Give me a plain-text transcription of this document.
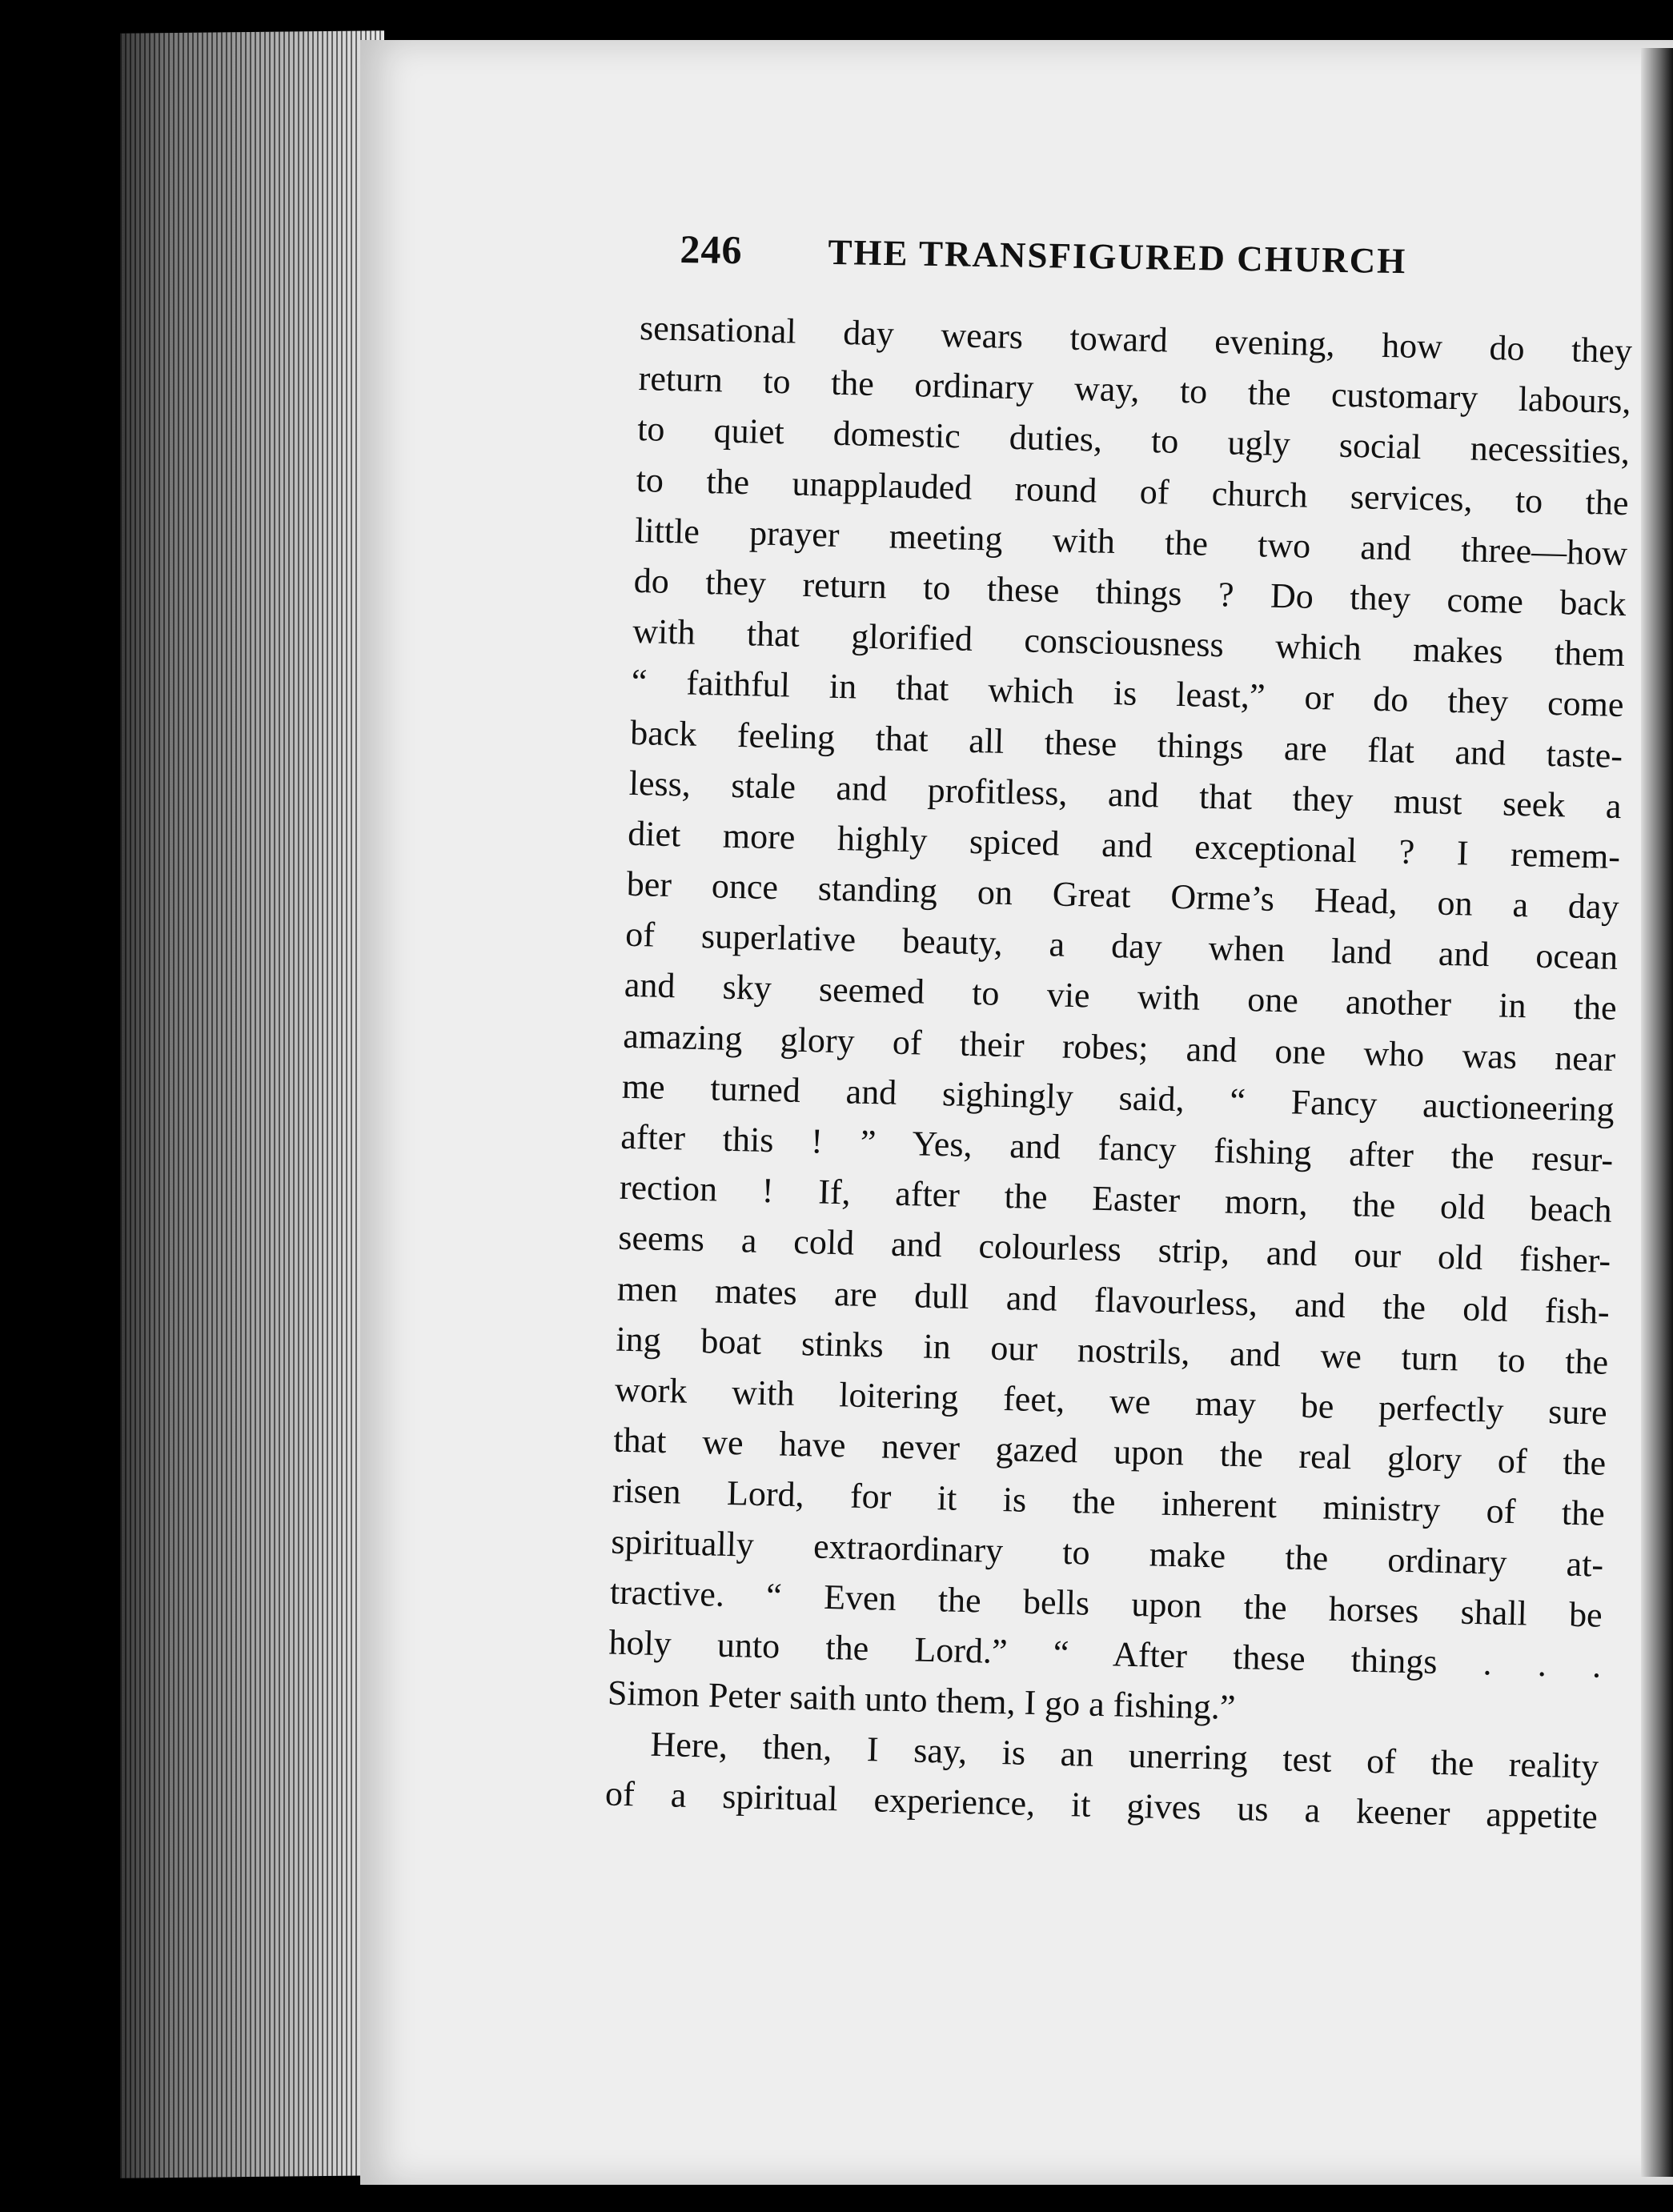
246 THE TRANSFIGURED CHURCH
sensational day wears toward evening, how do they
return to the ordinary way, to the customary labours,
to quiet domestic duties, to ugly social necessities,
to the unapplauded round of church services, to the
little prayer meeting with the two and three—how
do they return to these things ? Do they come back
with that glorified consciousness which makes them
“ faithful in that which is least,” or do they come
back feeling that all these things are flat and taste-
less, stale and profitless, and that they must seek a
diet more highly spiced and exceptional ? I remem-
ber once standing on Great Orme’s Head, on a day
of superlative beauty, a day when land and ocean
and sky seemed to vie with one another in the
amazing glory of their robes; and one who was near
me turned and sighingly said, “ Fancy auctioneering
after this ! ” Yes, and fancy fishing after the resur-
rection ! If, after the Easter morn, the old beach
seems a cold and colourless strip, and our old fisher-
men mates are dull and flavourless, and the old fish-
ing boat stinks in our nostrils, and we turn to the
work with loitering feet, we may be perfectly sure
that we have never gazed upon the real glory of the
risen Lord, for it is the inherent ministry of the
spiritually extraordinary to make the ordinary at-
tractive. “ Even the bells upon the horses shall be
holy unto the Lord.” “ After these things . . .
Simon Peter saith unto them, I go a fishing.”
Here, then, I say, is an unerring test of the reality
of a spiritual experience, it gives us a keener appetite
